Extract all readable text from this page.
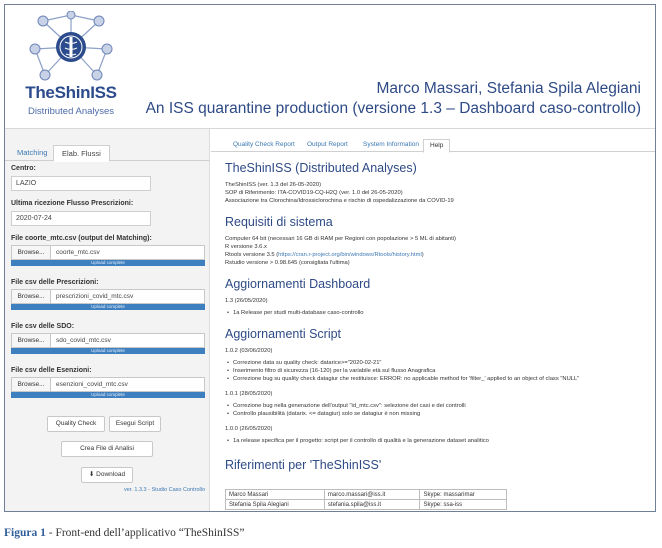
TheShinISS
Distributed Analyses
Marco Massari, Stefania Spila Alegiani
An ISS quarantine production (versione 1.3 – Dashboard caso-controllo)
Matching	Elab. Flussi
Centro:
LAZIO
Ultima ricezione Flusso Prescrizioni:
2020-07-24
File coorte_mtc.csv (output del Matching):
Browse...	coorte_mtc.csv
Upload complete
File csv delle Prescrizioni:
Browse...	prescrizioni_covid_mtc.csv
Upload complete
File csv delle SDO:
Browse...	sdo_covid_mtc.csv
Upload complete
File csv delle Esenzioni:
Browse...	esenzioni_covid_mtc.csv
Upload complete
Quality Check	Esegui Script
Crea File di Analisi
⬇ Download
ver. 1.3.3 - Studio Caso Controllo
Quality Check Report	Output Report	System Information	Help
TheShinISS (Distributed Analyses)
TheShinISS (ver. 1.3 del 26-05-2020)
SOP di Riferimento: ITA-COVID19-CQ-H2Q (ver. 1.0 del 26-05-2020)
Associazione tra Clorochina/Idrossiclorochina e rischio di ospedalizzazione da COVID-19
Requisiti di sistema
Computer 64 bit (necessari 16 GB di RAM per Regioni con popolazione > 5 ML di abitanti)
R versione 3.6.x
Rtools versione 3.5 (https://cran.r-project.org/bin/windows/Rtools/history.html)
Rstudio versione > 0.98.645 (consigliata l'ultima)
Aggiornamenti Dashboard
1.3 (26/05/2020)
• 1a Release per studi multi-database caso-controllo
Aggiornamenti Script
1.0.2 (03/06/2020)
• Correzione data su quality check: datarice>="2020-02-21"
• Inserimento filtro di sicurezza (16-120) per la variabile età sul flusso Anagrafica
• Correzione bug su quality check datagiur che restituisce: ERROR: no applicable method for 'filter_' applied to an object of class "NULL"
1.0.1 (28/05/2020)
• Correzione bug nella generazione dell'output "id_mtc.csv": selezione dei casi e dei controlli
• Controllo plausibilità (datarix. <= datagiur) solo se datagiur è non missing
1.0.0 (26/05/2020)
• 1a release specifica per il progetto: script per il controllo di qualità e la generazione dataset analitico
Riferimenti per 'TheShinISS'
Marco Massari	marco.massari@iss.it	Skype: massarimar
Stefania Spila Alegiani	stefania.spila@iss.it	Skype: ssa-iss
Figura 1 - Front-end dell’applicativo “TheShinISS”
